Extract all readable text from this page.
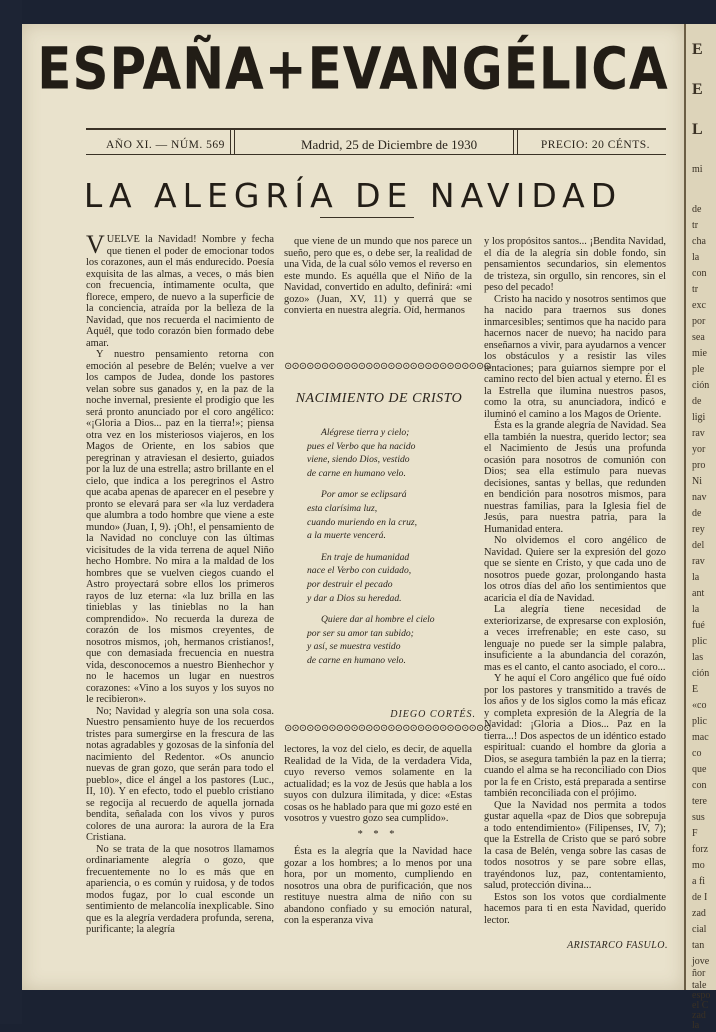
ESPAÑA+EVANGÉLICA
AÑO XI. — NÚM. 569	Madrid, 25 de Diciembre de 1930	PRECIO: 20 CÉNTS.
LA ALEGRÍA DE NAVIDAD

VUELVE la Navidad! Nombre y fecha que tienen el poder de emocionar todos los corazones, aun el más endurecido. Poesía exquisita de las almas, a veces, o más bien con frecuencia, íntimamente oculta, que florece, empero, de nuevo a la superficie de la conciencia, atraída por la belleza de la Navidad, que nos recuerda el nacimiento de Aquél, que todo corazón bien formado debe amar.

Y nuestro pensamiento retorna con emoción al pesebre de Belén; vuelve a ver los campos de Judea, donde los pastores velan sobre sus ganados y, en la paz de la noche invernal, presiente el prodigio que les será pronto anunciado por el coro angélico: «¡Gloria a Dios... paz en la tierra!»; piensa otra vez en los misteriosos viajeros, en los Magos de Oriente, en los sabios que peregrinan y atraviesan el desierto, guiados por la luz de una estrella; astro brillante en el cielo, que indica a los peregrinos el Astro que acaba apenas de aparecer en el pesebre y pronto se elevará para ser «la luz verdadera que alumbra a todo hombre que viene a este mundo» (Juan, I, 9). ¡Oh!, el pensamiento de la Navidad no concluye con las últimas vicisitudes de la vida terrena de aquel Niño hecho Hombre. No mira a la maldad de los hombres que se vuelven ciegos cuando el Astro proyectará sobre ellos los primeros rayos de luz eterna: «la luz brilla en las tinieblas y las tinieblas no la han comprendido». No recuerda la dureza de corazón de los mismos creyentes, de nosotros mismos, ¡oh, hermanos cristianos!, que con demasiada frecuencia en nuestra vida, desconocemos a nuestro Bienhechor y no le hacemos un lugar en nuestros corazones: «Vino a los suyos y los suyos no le recibieron».

No; Navidad y alegría son una sola cosa. Nuestro pensamiento huye de los recuerdos tristes para sumergirse en la frescura de las notas agradables y gozosas de la sinfonía del nacimiento del Redentor. «Os anuncio nuevas de gran gozo, que serán para todo el pueblo», dice el ángel a los pastores (Luc., II, 10). Y en efecto, todo el pueblo cristiano se regocija al recuerdo de aquella jornada bendita, señalada con los vivos y puros colores de una aurora: la aurora de la Era Cristiana.

No se trata de la que nosotros llamamos ordinariamente alegría o gozo, que frecuentemente no lo es más que en apariencia, o es común y ruidosa, y de todos modos fugaz, por lo cual esconde un sentimiento de melancolía inexplicable. Sino que es la alegría verdadera profunda, serena, purificante; la alegría

que viene de un mundo que nos parece un sueño, pero que es, o debe ser, la realidad de una Vida, de la cual sólo vemos el reverso en este mundo. Es aquélla que el Niño de la Navidad, convertido en adulto, definirá: «mi gozo» (Juan, XV, 11) y querrá que se convierta en nuestra alegría. Oíd, hermanos

⊙⊙⊙⊙⊙⊙⊙⊙⊙⊙⊙⊙⊙⊙⊙⊙⊙⊙⊙⊙⊙⊙⊙⊙⊙⊙⊙⊙
NACIMIENTO DE CRISTO
Alégrese tierra y cielo;
pues el Verbo que ha nacido
viene, siendo Dios, vestido
de carne en humano velo.
Por amor se eclipsará
esta clarísima luz,
cuando muriendo en la cruz,
a la muerte vencerá.
En traje de humanidad
nace el Verbo con cuidado,
por destruir el pecado
y dar a Dios su heredad.
Quiere dar al hombre el cielo
por ser su amor tan subido;
y así, se muestra vestido
de carne en humano velo.
DIEGO CORTÉS.
⊙⊙⊙⊙⊙⊙⊙⊙⊙⊙⊙⊙⊙⊙⊙⊙⊙⊙⊙⊙⊙⊙⊙⊙⊙⊙⊙⊙

lectores, la voz del cielo, es decir, de aquella Realidad de la Vida, de la verdadera Vida, cuyo reverso vemos solamente en la actualidad; es la voz de Jesús que habla a los suyos con dulzura ilimitada, y dice: «Estas cosas os he hablado para que mi gozo esté en vosotros y vuestro gozo sea cumplido».

* * *

Ésta es la alegría que la Navidad hace gozar a los hombres; a lo menos por una hora, por un momento, cumpliendo en nosotros una obra de purificación, que nos restituye nuestra alma de niño con su abandono confiado y su emoción natural, con la esperanza viva

y los propósitos santos... ¡Bendita Navidad, el día de la alegría sin doble fondo, sin pensamientos secundarios, sin elementos de tristeza, sin orgullo, sin rencores, sin el peso del pecado!

Cristo ha nacido y nosotros sentimos que ha nacido para traernos sus dones inmarcesibles; sentimos que ha nacido para hacernos nacer de nuevo; ha nacido para enseñarnos a vivir, para ayudarnos a vencer los obstáculos y a resistir las viles tentaciones; para guiarnos siempre por el camino recto del bien actual y eterno. Él es la Estrella que ilumina nuestros pasos, como la otra, su anunciadora, indicó e iluminó el camino a los Magos de Oriente.

Ésta es la grande alegría de Navidad. Sea ella también la nuestra, querido lector; sea el Nacimiento de Jesús una profunda ocasión para nosotros de comunión con Dios; sea ella estímulo para nuevas decisiones, santas y bellas, que redunden en bendición para nosotros mismos, para nuestras familias, para la Iglesia fiel de Jesús, para nuestra patria, para la Humanidad entera.

No olvidemos el coro angélico de Navidad. Quiere ser la expresión del gozo que se siente en Cristo, y que cada uno de nosotros puede gozar, prolongando hasta los otros días del año los sentimientos que acaricia el día de Navidad.

La alegría tiene necesidad de exteriorizarse, de expresarse con explosión, a veces irrefrenable; en este caso, su lenguaje no puede ser la simple palabra, insuficiente a la abundancia del corazón, mas es el canto, el canto asociado, el coro...

Y he aquí el Coro angélico que fué oído por los pastores y transmitido a través de los años y de los siglos como la más eficaz y completa expresión de la Alegría de la Navidad: ¡Gloria a Dios... Paz en la tierra...! Dos aspectos de un idéntico estado espiritual: cuando el hombre da gloria a Dios, se asegura también la paz en la tierra; cuando el alma se ha reconciliado con Dios por la fe en Cristo, está preparada a sentirse también reconciliada con el prójimo.

Que la Navidad nos permita a todos gustar aquella «paz de Dios que sobrepuja a todo entendimiento» (Filipenses, IV, 7); que la Estrella de Cristo que se paró sobre la casa de Belén, venga sobre las casas de todos nosotros y se pare sobre ellas, trayéndonos luz, paz, contentamiento, salud, protección divina...

Estos son los votos que cordialmente hacemos para ti en esta Navidad, querido lector.

ARISTARCO FASULO.
E
E
L
mi
de
tr
cha
la
con
tr
exc
por
sea
mie
ple
ción
de
ligi
rav
yor
pro
Ni
nav
de
rey
del
rav
la
ant
la
fué
plic
las
ción
E
«co
plic
mac
co
que
con
tere
sus
F
forz
mo
a fi
de I
zad
cial
tan
jove
ñor
tale
espo
el C
zad
la
